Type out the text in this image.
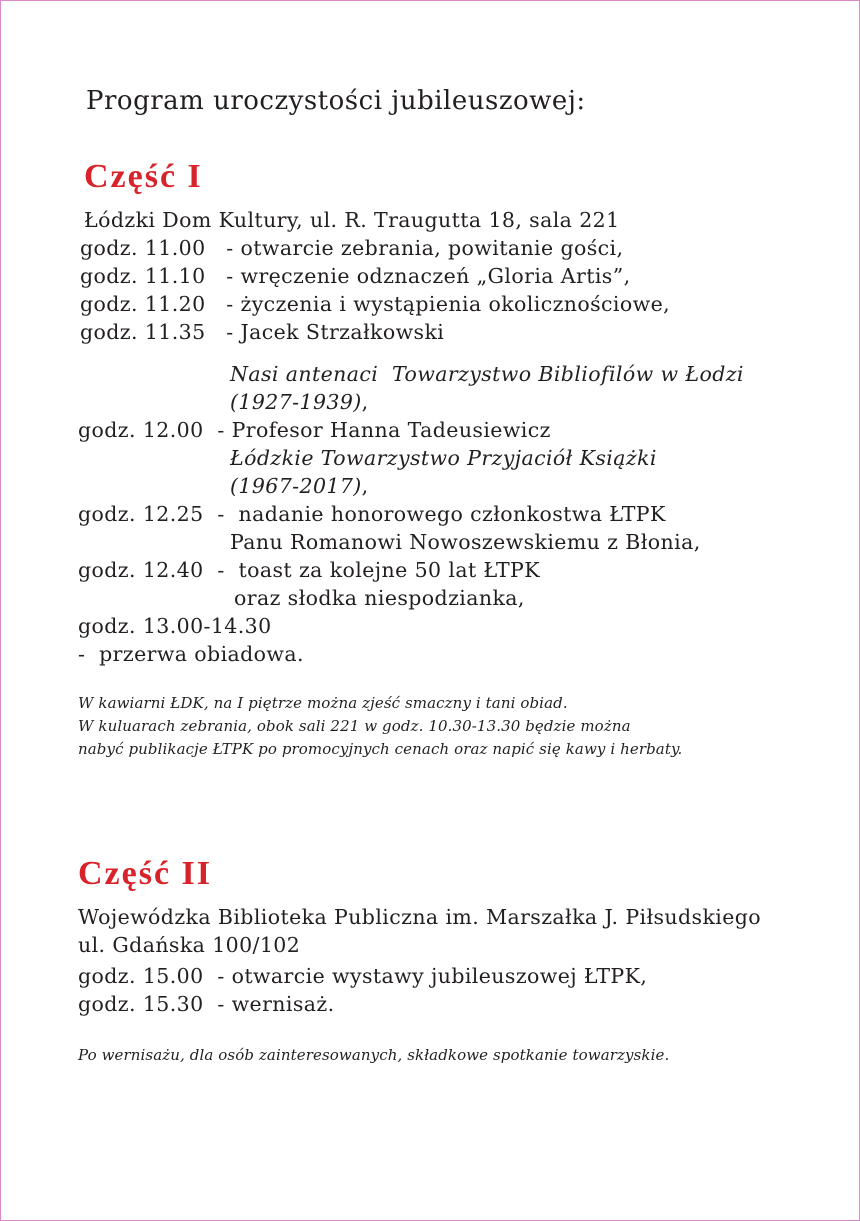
Program uroczystości jubileuszowej:
Część I
Łódzki Dom Kultury, ul. R. Traugutta 18, sala 221
godz. 11.00   - otwarcie zebrania, powitanie gości,
godz. 11.10   - wręczenie odznaczeń „Gloria Artis”,
godz. 11.20   - życzenia i wystąpienia okolicznościowe,
godz. 11.35   - Jacek Strzałkowski
Nasi antenaci  Towarzystwo Bibliofilów w Łodzi
(1927-1939),
godz. 12.00  - Profesor Hanna Tadeusiewicz
Łódzkie Towarzystwo Przyjaciół Książki
(1967-2017),
godz. 12.25  -  nadanie honorowego członkostwa ŁTPK
Panu Romanowi Nowoszewskiemu z Błonia,
godz. 12.40  -  toast za kolejne 50 lat ŁTPK
oraz słodka niespodzianka,
godz. 13.00-14.30
-  przerwa obiadowa.
W kawiarni ŁDK, na I piętrze można zjeść smaczny i tani obiad.
W kuluarach zebrania, obok sali 221 w godz. 10.30-13.30 będzie można
nabyć publikacje ŁTPK po promocyjnych cenach oraz napić się kawy i herbaty.
Część II
Wojewódzka Biblioteka Publiczna im. Marszałka J. Piłsudskiego
ul. Gdańska 100/102
godz. 15.00  - otwarcie wystawy jubileuszowej ŁTPK,
godz. 15.30  - wernisaż.
Po wernisażu, dla osób zainteresowanych, składkowe spotkanie towarzyskie.
